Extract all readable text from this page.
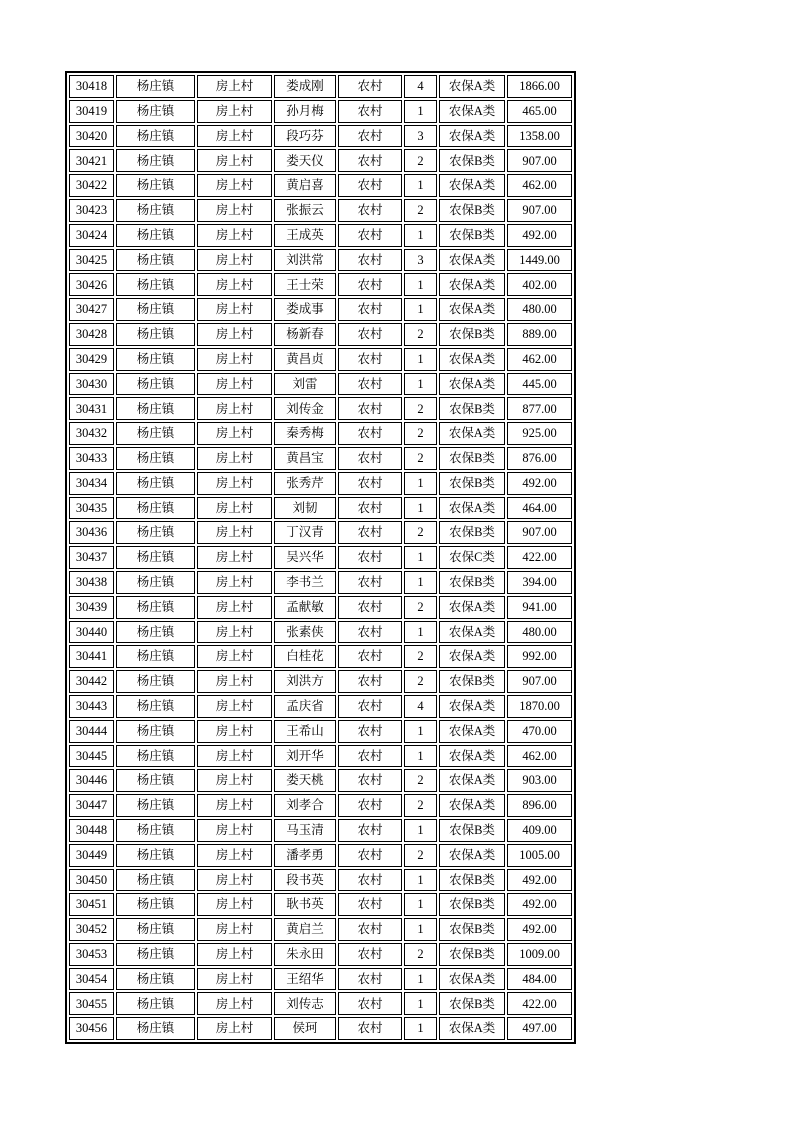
30418	杨庄镇	房上村	娄成刚	农村	4	农保A类	1866.00
30419	杨庄镇	房上村	孙月梅	农村	1	农保A类	465.00
30420	杨庄镇	房上村	段巧芬	农村	3	农保A类	1358.00
30421	杨庄镇	房上村	娄天仪	农村	2	农保B类	907.00
30422	杨庄镇	房上村	黄启喜	农村	1	农保A类	462.00
30423	杨庄镇	房上村	张振云	农村	2	农保B类	907.00
30424	杨庄镇	房上村	王成英	农村	1	农保B类	492.00
30425	杨庄镇	房上村	刘洪常	农村	3	农保A类	1449.00
30426	杨庄镇	房上村	王士荣	农村	1	农保A类	402.00
30427	杨庄镇	房上村	娄成事	农村	1	农保A类	480.00
30428	杨庄镇	房上村	杨新春	农村	2	农保B类	889.00
30429	杨庄镇	房上村	黄昌贞	农村	1	农保A类	462.00
30430	杨庄镇	房上村	刘雷	农村	1	农保A类	445.00
30431	杨庄镇	房上村	刘传金	农村	2	农保B类	877.00
30432	杨庄镇	房上村	秦秀梅	农村	2	农保A类	925.00
30433	杨庄镇	房上村	黄昌宝	农村	2	农保B类	876.00
30434	杨庄镇	房上村	张秀芹	农村	1	农保B类	492.00
30435	杨庄镇	房上村	刘韧	农村	1	农保A类	464.00
30436	杨庄镇	房上村	丁汉青	农村	2	农保B类	907.00
30437	杨庄镇	房上村	吴兴华	农村	1	农保C类	422.00
30438	杨庄镇	房上村	李书兰	农村	1	农保B类	394.00
30439	杨庄镇	房上村	孟献敏	农村	2	农保A类	941.00
30440	杨庄镇	房上村	张素侠	农村	1	农保A类	480.00
30441	杨庄镇	房上村	白桂花	农村	2	农保A类	992.00
30442	杨庄镇	房上村	刘洪方	农村	2	农保B类	907.00
30443	杨庄镇	房上村	孟庆省	农村	4	农保A类	1870.00
30444	杨庄镇	房上村	王希山	农村	1	农保A类	470.00
30445	杨庄镇	房上村	刘开华	农村	1	农保A类	462.00
30446	杨庄镇	房上村	娄天桃	农村	2	农保A类	903.00
30447	杨庄镇	房上村	刘孝合	农村	2	农保A类	896.00
30448	杨庄镇	房上村	马玉清	农村	1	农保B类	409.00
30449	杨庄镇	房上村	潘孝勇	农村	2	农保A类	1005.00
30450	杨庄镇	房上村	段书英	农村	1	农保B类	492.00
30451	杨庄镇	房上村	耿书英	农村	1	农保B类	492.00
30452	杨庄镇	房上村	黄启兰	农村	1	农保B类	492.00
30453	杨庄镇	房上村	朱永田	农村	2	农保B类	1009.00
30454	杨庄镇	房上村	王绍华	农村	1	农保A类	484.00
30455	杨庄镇	房上村	刘传志	农村	1	农保B类	422.00
30456	杨庄镇	房上村	侯珂	农村	1	农保A类	497.00
